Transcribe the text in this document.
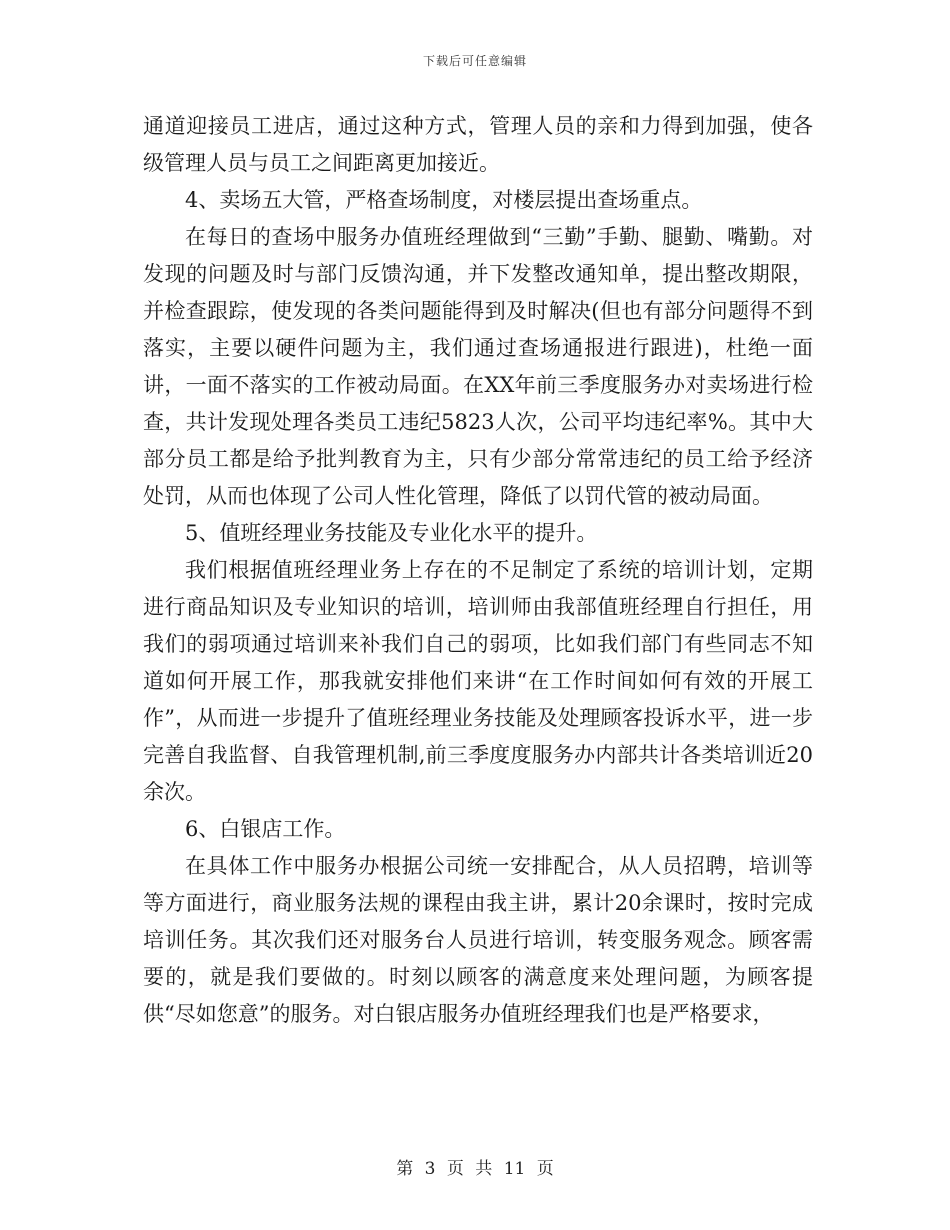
下载后可任意编辑

通道迎接员工进店，通过这种方式，管理人员的亲和力得到加强，使各级管理人员与员工之间距离更加接近。

4、卖场五大管，严格查场制度，对楼层提出查场重点。

在每日的查场中服务办值班经理做到“三勤”手勤、腿勤、嘴勤。对发现的问题及时与部门反馈沟通，并下发整改通知单，提出整改期限，并检查跟踪，使发现的各类问题能得到及时解决(但也有部分问题得不到落实，主要以硬件问题为主，我们通过查场通报进行跟进)，杜绝一面讲，一面不落实的工作被动局面。在XX年前三季度服务办对卖场进行检查，共计发现处理各类员工违纪5823人次，公司平均违纪率%。其中大部分员工都是给予批判教育为主，只有少部分常常违纪的员工给予经济处罚，从而也体现了公司人性化管理，降低了以罚代管的被动局面。

5、值班经理业务技能及专业化水平的提升。

我们根据值班经理业务上存在的不足制定了系统的培训计划，定期进行商品知识及专业知识的培训，培训师由我部值班经理自行担任，用我们的弱项通过培训来补我们自己的弱项，比如我们部门有些同志不知道如何开展工作，那我就安排他们来讲“在工作时间如何有效的开展工作”，从而进一步提升了值班经理业务技能及处理顾客投诉水平，进一步完善自我监督、自我管理机制,前三季度度服务办内部共计各类培训近20余次。

6、白银店工作。

在具体工作中服务办根据公司统一安排配合，从人员招聘，培训等等方面进行，商业服务法规的课程由我主讲，累计20余课时，按时完成培训任务。其次我们还对服务台人员进行培训，转变服务观念。顾客需要的，就是我们要做的。时刻以顾客的满意度来处理问题，为顾客提供“尽如您意”的服务。对白银店服务办值班经理我们也是严格要求，

第 3 页 共 11 页
